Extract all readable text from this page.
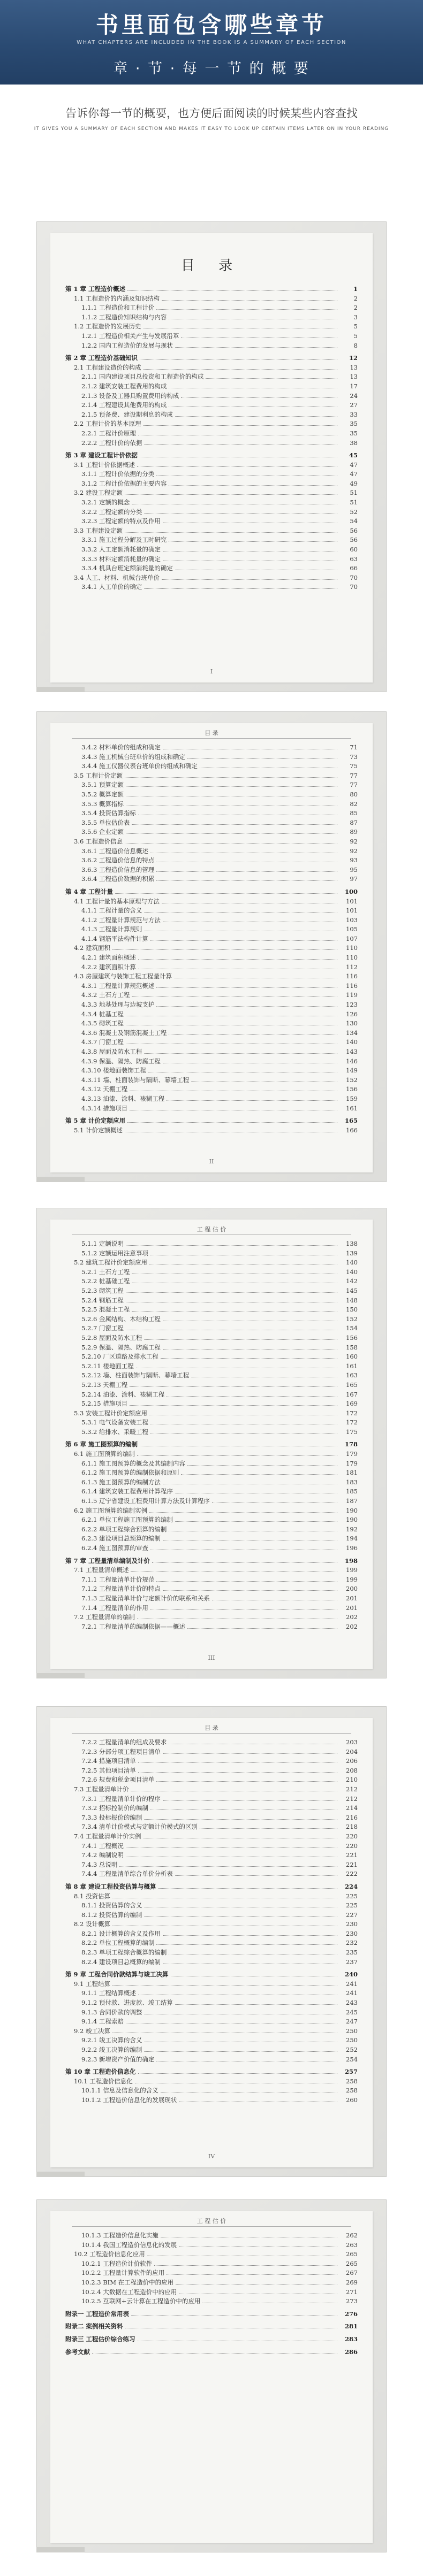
书里面包含哪些章节
WHAT CHAPTERS ARE INCLUDED IN THE BOOK IS A SUMMARY OF EACH SECTION
章 · 节 · 每 一 节 的 概 要
告诉你每一节的概要，也方便后面阅读的时候某些内容查找
IT GIVES YOU A SUMMARY OF EACH SECTION AND MAKES IT EASY TO LOOK UP CERTAIN ITEMS LATER ON IN YOUR READING
目 录
第 1 章 工程造价概述	1
1.1 工程造价的内涵及知识结构	2
1.1.1 工程造价和工程计价	2
1.1.2 工程造价知识结构与内容	3
1.2 工程造价的发展历史	5
1.2.1 工程造价相关产生与发展沿革	5
1.2.2 国内工程造价的发展与现状	8
第 2 章 工程造价基础知识	12
2.1 工程建设造价的构成	13
2.1.1 国内建设项目总投资和工程造价的构成	13
2.1.2 建筑安装工程费用的构成	17
2.1.3 设备及工器具购置费用的构成	24
2.1.4 工程建设其他费用的构成	27
2.1.5 预备费、建设期利息的构成	33
2.2 工程计价的基本原理	35
2.2.1 工程计价原理	35
2.2.2 工程计价的依据	38
第 3 章 建设工程计价依据	45
3.1 工程计价依据概述	47
3.1.1 工程计价依据的分类	47
3.1.2 工程计价依据的主要内容	49
3.2 建设工程定额	51
3.2.1 定额的概念	51
3.2.2 工程定额的分类	52
3.2.3 工程定额的特点及作用	54
3.3 工程建设定额	56
3.3.1 施工过程分解及工时研究	56
3.3.2 人工定额消耗量的确定	60
3.3.3 材料定额消耗量的确定	63
3.3.4 机具台班定额消耗量的确定	66
3.4 人工、材料、机械台班单价	70
3.4.1 人工单价的确定	70
I
目 录
3.4.2 材料单价的组成和确定	71
3.4.3 施工机械台班单价的组成和确定	73
3.4.4 施工仪器仪表台班单价的组成和确定	75
3.5 工程计价定额	77
3.5.1 预算定额	77
3.5.2 概算定额	80
3.5.3 概算指标	82
3.5.4 投资估算指标	85
3.5.5 单位估价表	87
3.5.6 企业定额	89
3.6 工程造价信息	92
3.6.1 工程造价信息概述	92
3.6.2 工程造价信息的特点	93
3.6.3 工程造价信息的管理	95
3.6.4 工程造价数据的积累	97
第 4 章 工程计量	100
4.1 工程计量的基本原理与方法	101
4.1.1 工程计量的含义	101
4.1.2 工程量计算规范与方法	103
4.1.3 工程量计算规则	105
4.1.4 钢筋平法构件计算	107
4.2 建筑面积	110
4.2.1 建筑面积概述	110
4.2.2 建筑面积计算	112
4.3 房屋建筑与装饰工程工程量计算	116
4.3.1 工程量计算规范概述	116
4.3.2 土石方工程	119
4.3.3 地基处理与边坡支护	123
4.3.4 桩基工程	126
4.3.5 砌筑工程	130
4.3.6 混凝土及钢筋混凝土工程	134
4.3.7 门窗工程	140
4.3.8 屋面及防水工程	143
4.3.9 保温、隔热、防腐工程	146
4.3.10 楼地面装饰工程	149
4.3.11 墙、柱面装饰与隔断、幕墙工程	152
4.3.12 天棚工程	156
4.3.13 油漆、涂料、裱糊工程	159
4.3.14 措施项目	161
第 5 章 计价定额应用	165
5.1 计价定额概述	166
II
工 程 估 价
5.1.1 定额说明	138
5.1.2 定额运用注意事项	139
5.2 建筑工程计价定额应用	140
5.2.1 土石方工程	140
5.2.2 桩基础工程	142
5.2.3 砌筑工程	145
5.2.4 钢筋工程	148
5.2.5 混凝土工程	150
5.2.6 金属结构、木结构工程	152
5.2.7 门窗工程	154
5.2.8 屋面及防水工程	156
5.2.9 保温、隔热、防腐工程	158
5.2.10 厂区道路及排水工程	160
5.2.11 楼地面工程	161
5.2.12 墙、柱面装饰与隔断、幕墙工程	163
5.2.13 天棚工程	165
5.2.14 油漆、涂料、裱糊工程	167
5.2.15 措施项目	169
5.3 安装工程计价定额应用	172
5.3.1 电气设备安装工程	172
5.3.2 给排水、采暖工程	175
第 6 章 施工图预算的编制	178
6.1 施工图预算的编制	179
6.1.1 施工图预算的概念及其编制内容	179
6.1.2 施工图预算的编制依据和原则	181
6.1.3 施工图预算的编制方法	183
6.1.4 建筑安装工程费用计算程序	185
6.1.5 辽宁省建设工程费用计算方法及计算程序	187
6.2 施工图预算的编制实例	190
6.2.1 单位工程施工图预算的编制	190
6.2.2 单项工程综合预算的编制	192
6.2.3 建设项目总预算的编制	194
6.2.4 施工图预算的审查	196
第 7 章 工程量清单编制及计价	198
7.1 工程量清单概述	199
7.1.1 工程量清单计价规范	199
7.1.2 工程量清单计价的特点	200
7.1.3 工程量清单计价与定额计价的联系和关系	201
7.1.4 工程量清单的作用	201
7.2 工程量清单的编制	202
7.2.1 工程量清单的编制依据——概述	202
III
目 录
7.2.2 工程量清单的组成及要求	203
7.2.3 分部分项工程项目清单	204
7.2.4 措施项目清单	206
7.2.5 其他项目清单	208
7.2.6 规费和税金项目清单	210
7.3 工程量清单计价	212
7.3.1 工程量清单计价的程序	212
7.3.2 招标控制价的编制	214
7.3.3 投标报价的编制	216
7.3.4 清单计价模式与定额计价模式的区别	218
7.4 工程量清单计价实例	220
7.4.1 工程概况	220
7.4.2 编制说明	221
7.4.3 总说明	221
7.4.4 工程量清单综合单价分析表	222
第 8 章 建设工程投资估算与概算	224
8.1 投资估算	225
8.1.1 投资估算的含义	225
8.1.2 投资估算的编制	227
8.2 设计概算	230
8.2.1 设计概算的含义及作用	230
8.2.2 单位工程概算的编制	232
8.2.3 单项工程综合概算的编制	235
8.2.4 建设项目总概算的编制	237
第 9 章 工程合同价款结算与竣工决算	240
9.1 工程结算	241
9.1.1 工程结算概述	241
9.1.2 预付款、进度款、竣工结算	243
9.1.3 合同价款的调整	245
9.1.4 工程索赔	247
9.2 竣工决算	250
9.2.1 竣工决算的含义	250
9.2.2 竣工决算的编制	252
9.2.3 新增资产价值的确定	254
第 10 章 工程造价信息化	257
10.1 工程造价信息化	258
10.1.1 信息及信息化的含义	258
10.1.2 工程造价信息化的发展现状	260
IV
工 程 估 价
10.1.3 工程造价信息化实施	262
10.1.4 我国工程造价信息化的发展	263
10.2 工程造价信息化应用	265
10.2.1 工程造价计价软件	265
10.2.2 工程量计算软件的应用	267
10.2.3 BIM 在工程造价中的应用	269
10.2.4 大数据在工程造价中的应用	271
10.2.5 互联网+云计算在工程造价中的应用	273
附录一 工程造价常用表	276
附录二 案例相关资料	281
附录三 工程估价综合练习	283
参考文献	286
